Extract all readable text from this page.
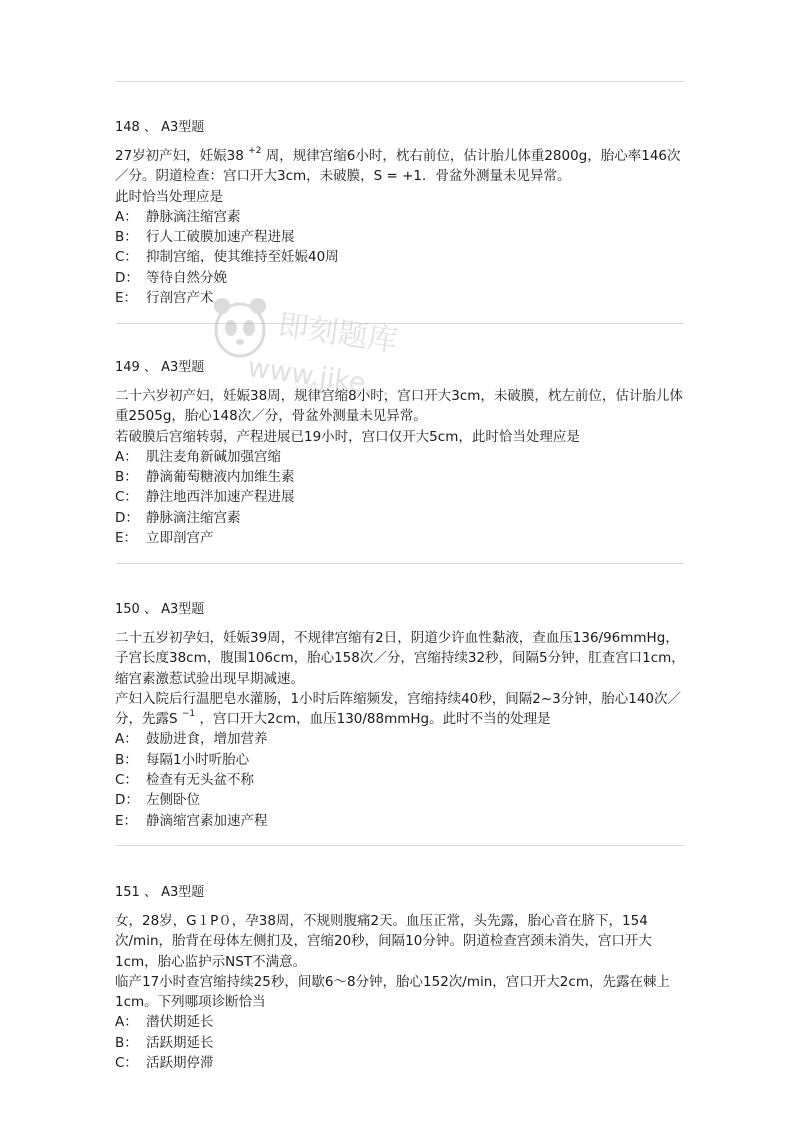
148 、 A3型题

27岁初产妇，妊娠38 $^{+2}$ 周，规律宫缩6小时，枕右前位，估计胎儿体重2800g，胎心率146次／分。阴道检查：宫口开大3cm，未破膜，S = +1．骨盆外测量未见异常。

此时恰当处理应是

A： 静脉滴注缩宫素
B： 行人工破膜加速产程进展
C： 抑制宫缩，使其维持至妊娠40周
D： 等待自然分娩
E： 行剖宫产术
149 、 A3型题

二十六岁初产妇，妊娠38周，规律宫缩8小时，宫口开大3cm，未破膜，枕左前位，估计胎儿体重2505g，胎心148次／分，骨盆外测量未见异常。

若破膜后宫缩转弱，产程进展已19小时，宫口仅开大5cm，此时恰当处理应是

A： 肌注麦角新碱加强宫缩
B： 静滴葡萄糖液内加维生素
C： 静注地西泮加速产程进展
D： 静脉滴注缩宫素
E： 立即剖宫产
150 、 A3型题

二十五岁初孕妇，妊娠39周，不规律宫缩有2日，阴道少许血性黏液，查血压136/96mmHg，子宫长度38cm，腹围106cm，胎心158次／分，宫缩持续32秒，间隔5分钟，肛查宫口1cm，缩宫素激惹试验出现早期减速。

产妇入院后行温肥皂水灌肠，1小时后阵缩频发，宫缩持续40秒，间隔2~3分钟，胎心140次／分，先露S $^{-1}$ ，宫口开大2cm，血压130/88mmHg。此时不当的处理是

A： 鼓励进食，增加营养
B： 每隔1小时听胎心
C： 检查有无头盆不称
D： 左侧卧位
E： 静滴缩宫素加速产程
151 、 A3型题

女，28岁，G１P０，孕38周，不规则腹痛2天。血压正常，头先露，胎心音在脐下，154次/min，胎背在母体左侧扪及，宫缩20秒，间隔10分钟。阴道检查宫颈未消失，宫口开大1cm，胎心监护示NST不满意。

临产17小时查宫缩持续25秒，间歇6～8分钟，胎心152次/min，宫口开大2cm，先露在棘上1cm。下列哪项诊断恰当

A： 潜伏期延长
B： 活跃期延长
C： 活跃期停滞
即刻题库
www.jike...
